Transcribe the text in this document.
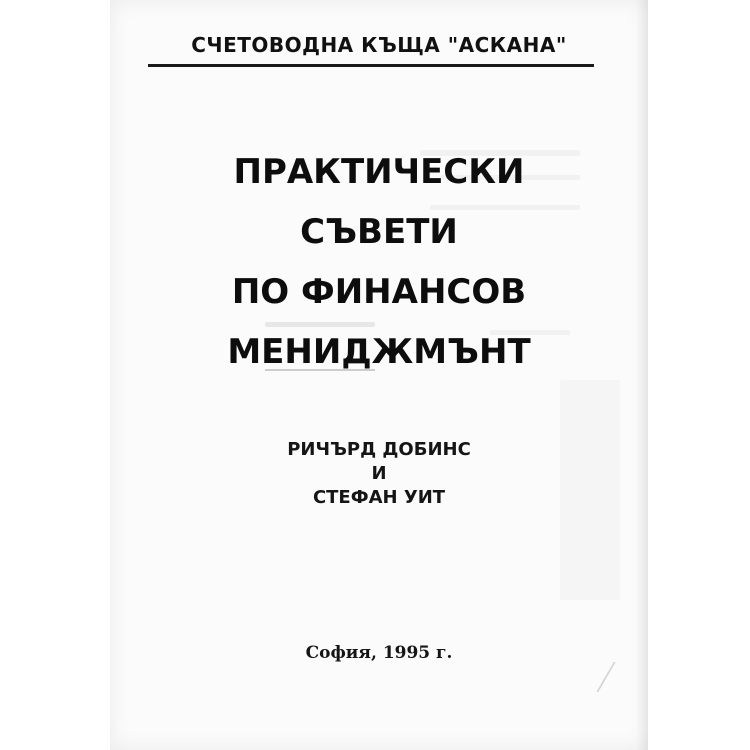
СЧЕТОВОДНА КЪЩА "АСКАНА"
ПРАКТИЧЕСКИ
СЪВЕТИ
ПО ФИНАНСОВ
МЕНИДЖМЪНТ
РИЧЪРД ДОБИНС
И
СТЕФАН УИТ
София, 1995 г.
